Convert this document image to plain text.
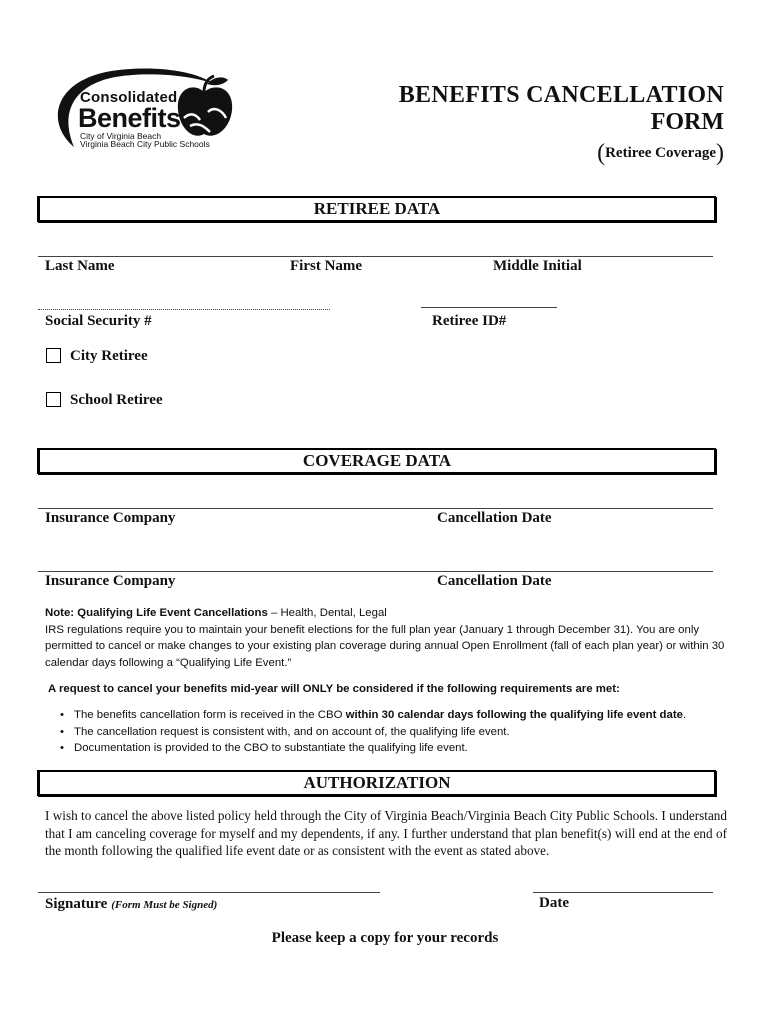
Consolidated
Benefits
City of Virginia Beach
Virginia Beach City Public Schools
BENEFITS CANCELLATION
FORM
(Retiree Coverage)
RETIREE DATA
Last Name	First Name	Middle Initial
Social Security #	Retiree ID#
City Retiree
School Retiree
COVERAGE DATA
Insurance Company	Cancellation Date
Insurance Company	Cancellation Date
Note: Qualifying Life Event Cancellations – Health, Dental, Legal
IRS regulations require you to maintain your benefit elections for the full plan year (January 1 through December 31). You are only permitted to cancel or make changes to your existing plan coverage during annual Open Enrollment (fall of each plan year) or within 30 calendar days following a “Qualifying Life Event.”
A request to cancel your benefits mid-year will ONLY be considered if the following requirements are met:
• The benefits cancellation form is received in the CBO within 30 calendar days following the qualifying life event date.
• The cancellation request is consistent with, and on account of, the qualifying life event.
• Documentation is provided to the CBO to substantiate the qualifying life event.
AUTHORIZATION
I wish to cancel the above listed policy held through the City of Virginia Beach/Virginia Beach City Public Schools. I understand that I am canceling coverage for myself and my dependents, if any. I further understand that plan benefit(s) will end at the end of the month following the qualified life event date or as consistent with the event as stated above.
Signature (Form Must be Signed)	Date
Please keep a copy for your records
